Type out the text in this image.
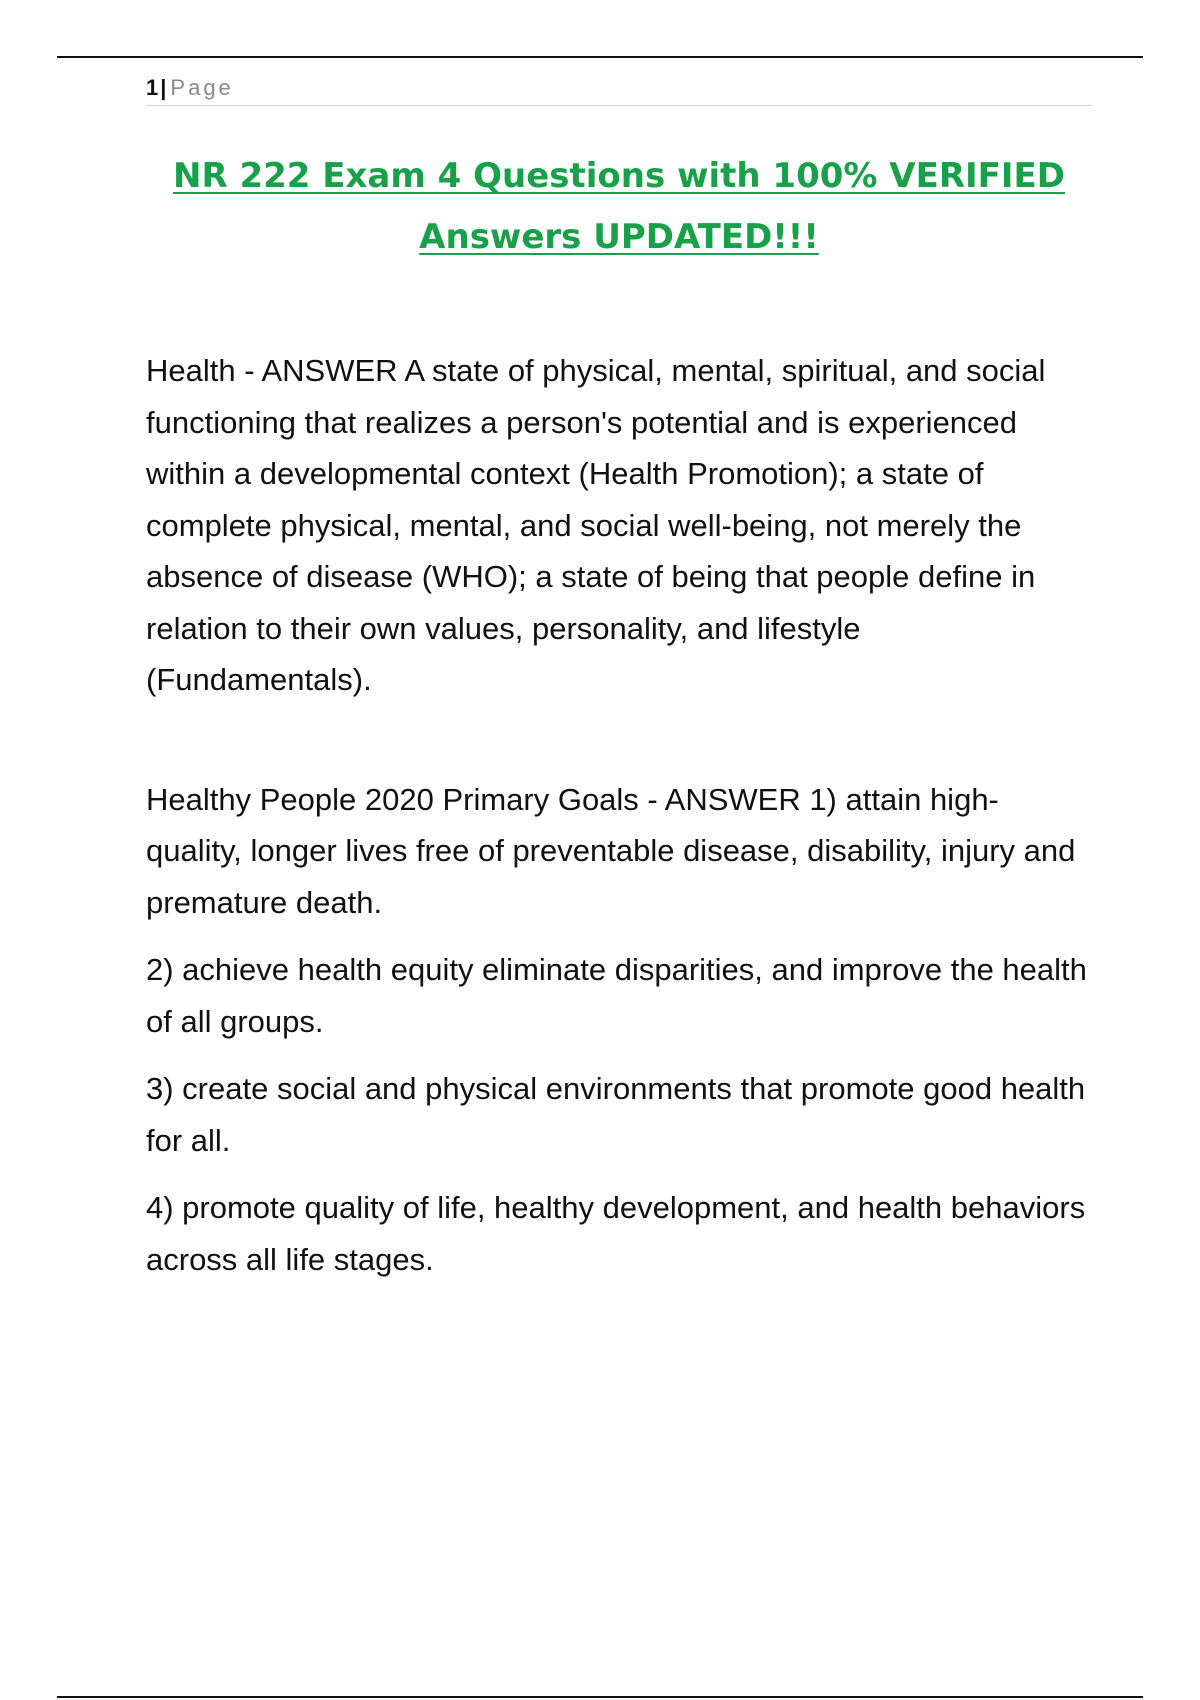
1| Page
NR 222 Exam 4 Questions with 100% VERIFIED
Answers UPDATED!!!

Health - ANSWER A state of physical, mental, spiritual, and social functioning that realizes a person's potential and is experienced within a developmental context (Health Promotion); a state of complete physical, mental, and social well-being, not merely the absence of disease (WHO); a state of being that people define in relation to their own values, personality, and lifestyle (Fundamentals).

Healthy People 2020 Primary Goals - ANSWER 1) attain high-quality, longer lives free of preventable disease, disability, injury and premature death.

2) achieve health equity eliminate disparities, and improve the health of all groups.

3) create social and physical environments that promote good health for all.

4) promote quality of life, healthy development, and health behaviors across all life stages.
